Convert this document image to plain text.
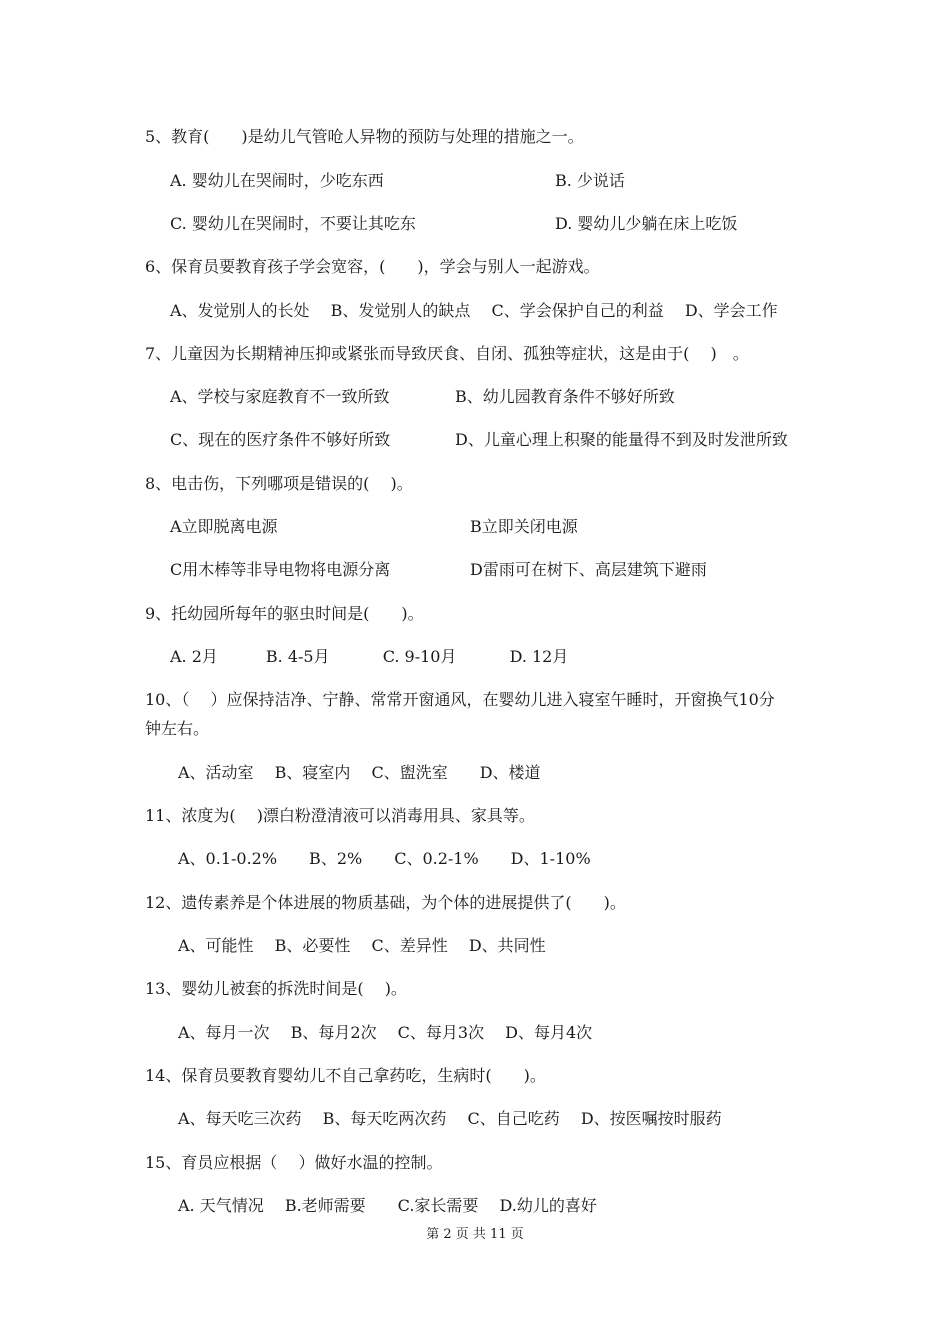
5、教育(　　)是幼儿气管呛人异物的预防与处理的措施之一。
A. 婴幼儿在哭闹时，少吃东西	B. 少说话
C. 婴幼儿在哭闹时，不要让其吃东	D. 婴幼儿少躺在床上吃饭
6、保育员要教育孩子学会宽容，(　　)，学会与别人一起游戏。
A、发觉别人的长处　 B、发觉别人的缺点　 C、学会保护自己的利益　 D、学会工作
7、儿童因为长期精神压抑或紧张而导致厌食、自闭、孤独等症状，这是由于(　 )　。
A、学校与家庭教育不一致所致	B、幼儿园教育条件不够好所致
C、现在的医疗条件不够好所致	D、儿童心理上积聚的能量得不到及时发泄所致
8、电击伤，下列哪项是错误的(　 )。
A立即脱离电源	B立即关闭电源
C用木棒等非导电物将电源分离	D雷雨可在树下、高层建筑下避雨
9、托幼园所每年的驱虫时间是(　　)。
A. 2月　　　B. 4-5月　　　 C. 9-10月　　　 D. 12月
10、（　 ）应保持洁净、宁静、常常开窗通风，在婴幼儿进入寝室午睡时，开窗换气10分
钟左右。
A、活动室　 B、寝室内　 C、盥洗室　　D、楼道
11、浓度为(　 )漂白粉澄清液可以消毒用具、家具等。
A、0.1-0.2%　　B、2%　　C、0.2-1%　　D、1-10%
12、遗传素养是个体进展的物质基础，为个体的进展提供了(　　)。
A、可能性　 B、必要性　 C、差异性　 D、共同性
13、婴幼儿被套的拆洗时间是(　 )。
A、每月一次　 B、每月2次　 C、每月3次　 D、每月4次
14、保育员要教育婴幼儿不自己拿药吃，生病时(　　)。
A、每天吃三次药　 B、每天吃两次药　 C、自己吃药　 D、按医嘱按时服药
15、育员应根据（　 ）做好水温的控制。
A. 天气情况　 B.老师需要　　C.家长需要　 D.幼儿的喜好
第 2 页 共 11 页
